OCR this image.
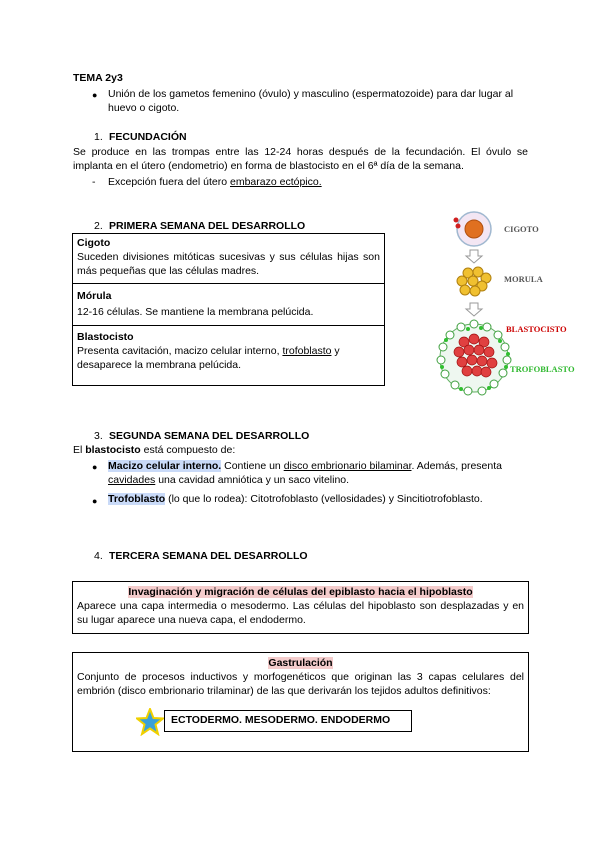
TEMA 2y3
● Unión de los gametos femenino (óvulo) y masculino (espermatozoide) para dar lugar al huevo o cigoto.
1. FECUNDACIÓN
Se produce en las trompas entre las 12-24 horas después de la fecundación. El óvulo se implanta en el útero (endometrio) en forma de blastocisto en el 6ª día de la semana.
- Excepción fuera del útero embarazo ectópico.
2. PRIMERA SEMANA DEL DESARROLLO
Cigoto
Suceden divisiones mitóticas sucesivas y sus células hijas son más pequeñas que las células madres.
Mórula
12-16 células. Se mantiene la membrana pelúcida.
Blastocisto
Presenta cavitación, macizo celular interno, trofoblasto y desaparece la membrana pelúcida.
CIGOTO
MORULA
BLASTOCISTO
TROFOBLASTO
3. SEGUNDA SEMANA DEL DESARROLLO
El blastocisto está compuesto de:
● Macizo celular interno. Contiene un disco embrionario bilaminar. Además, presenta cavidades una cavidad amniótica y un saco vitelino.
● Trofoblasto (lo que lo rodea): Citotrofoblasto (vellosidades) y Sincitiotrofoblasto.
4. TERCERA SEMANA DEL DESARROLLO
Invaginación y migración de células del epiblasto hacia el hipoblasto
Aparece una capa intermedia o mesodermo. Las células del hipoblasto son desplazadas y en su lugar aparece una nueva capa, el endodermo.
Gastrulación
Conjunto de procesos inductivos y morfogenéticos que originan las 3 capas celulares del embrión (disco embrionario trilaminar) de las que derivarán los tejidos adultos definitivos:
ECTODERMO. MESODERMO. ENDODERMO
